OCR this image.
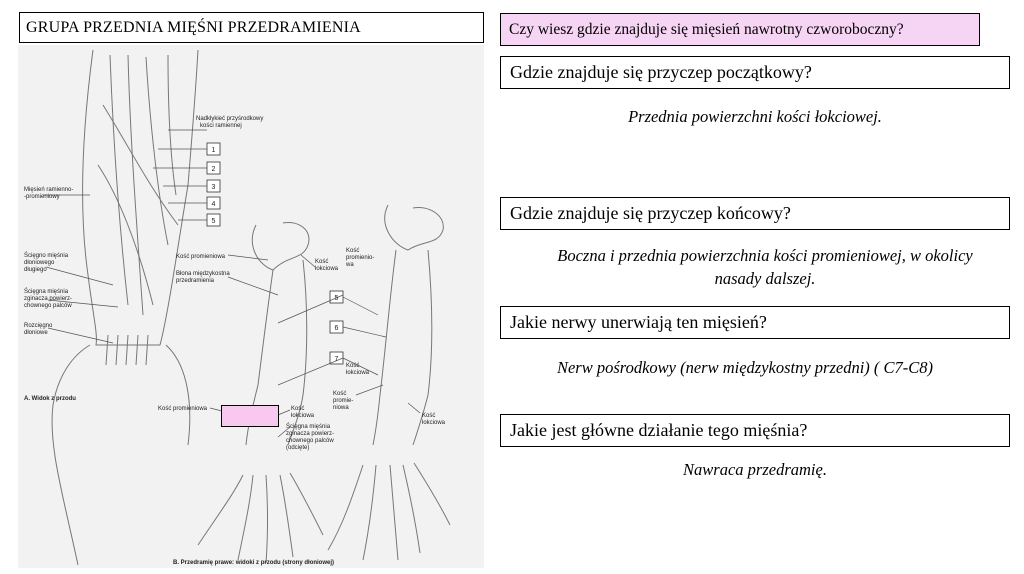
GRUPA PRZEDNIA MIĘŚNI PRZEDRAMIENIA	Czy wiesz gdzie znajduje się mięsień nawrotny czworoboczny?
Gdzie znajduje się przyczep początkowy?
Przednia powierzchni kości łokciowej.
Gdzie znajduje się przyczep końcowy?
Boczna i przednia powierzchnia kości promieniowej, w okolicy
nasady dalszej.
Jakie nerwy unerwiają ten mięsień?
Nerw pośrodkowy (nerw międzykostny przedni) ( C7-C8)
Jakie jest główne działanie tego mięśnia?
Nawraca przedramię.
Nadkłykieć przyśrodkowy
kości ramiennej
Mięsień ramienno-
-promieniowy
Ścięgno mięśnia
dłoniowego
długiego
Ścięgna mięśnia
zginacza powierz-
chownego palców
Rozcięgno
dłoniowe
A. Widok z przodu
Kość promieniowa
Błona międzykostna
przedramienia
Kość
łokciowa
Kość
promienio-
wa
Kość promieniowa	Kość
łokciowa
Ścięgna mięśnia
zginacza powierz-
chownego palców
(odcięte)
Kość
łokciowa
Kość
promie-
niowa
Kość
łokciowa
B. Przedramię prawe: widoki z przodu (strony dłoniowej)
1
2
3
4
5
5
6
7
